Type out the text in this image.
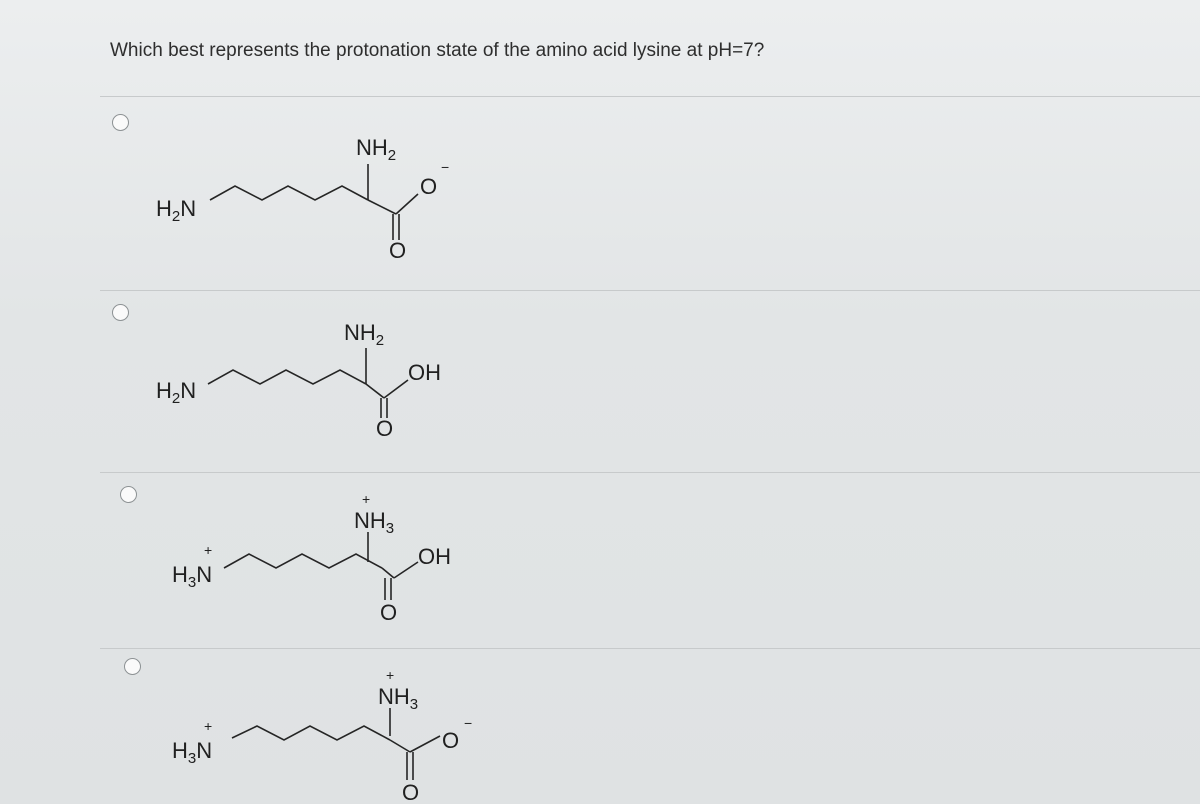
Which best represents the protonation state of the amino acid lysine at pH=7?
$H_2N$
$NH_2$
O
−
O
$H_2N$
$NH_2$
OH
O
$H_3N$
+
$NH_3$
+
OH
O
$H_3N$
+
$NH_3$
+
O
−
O
